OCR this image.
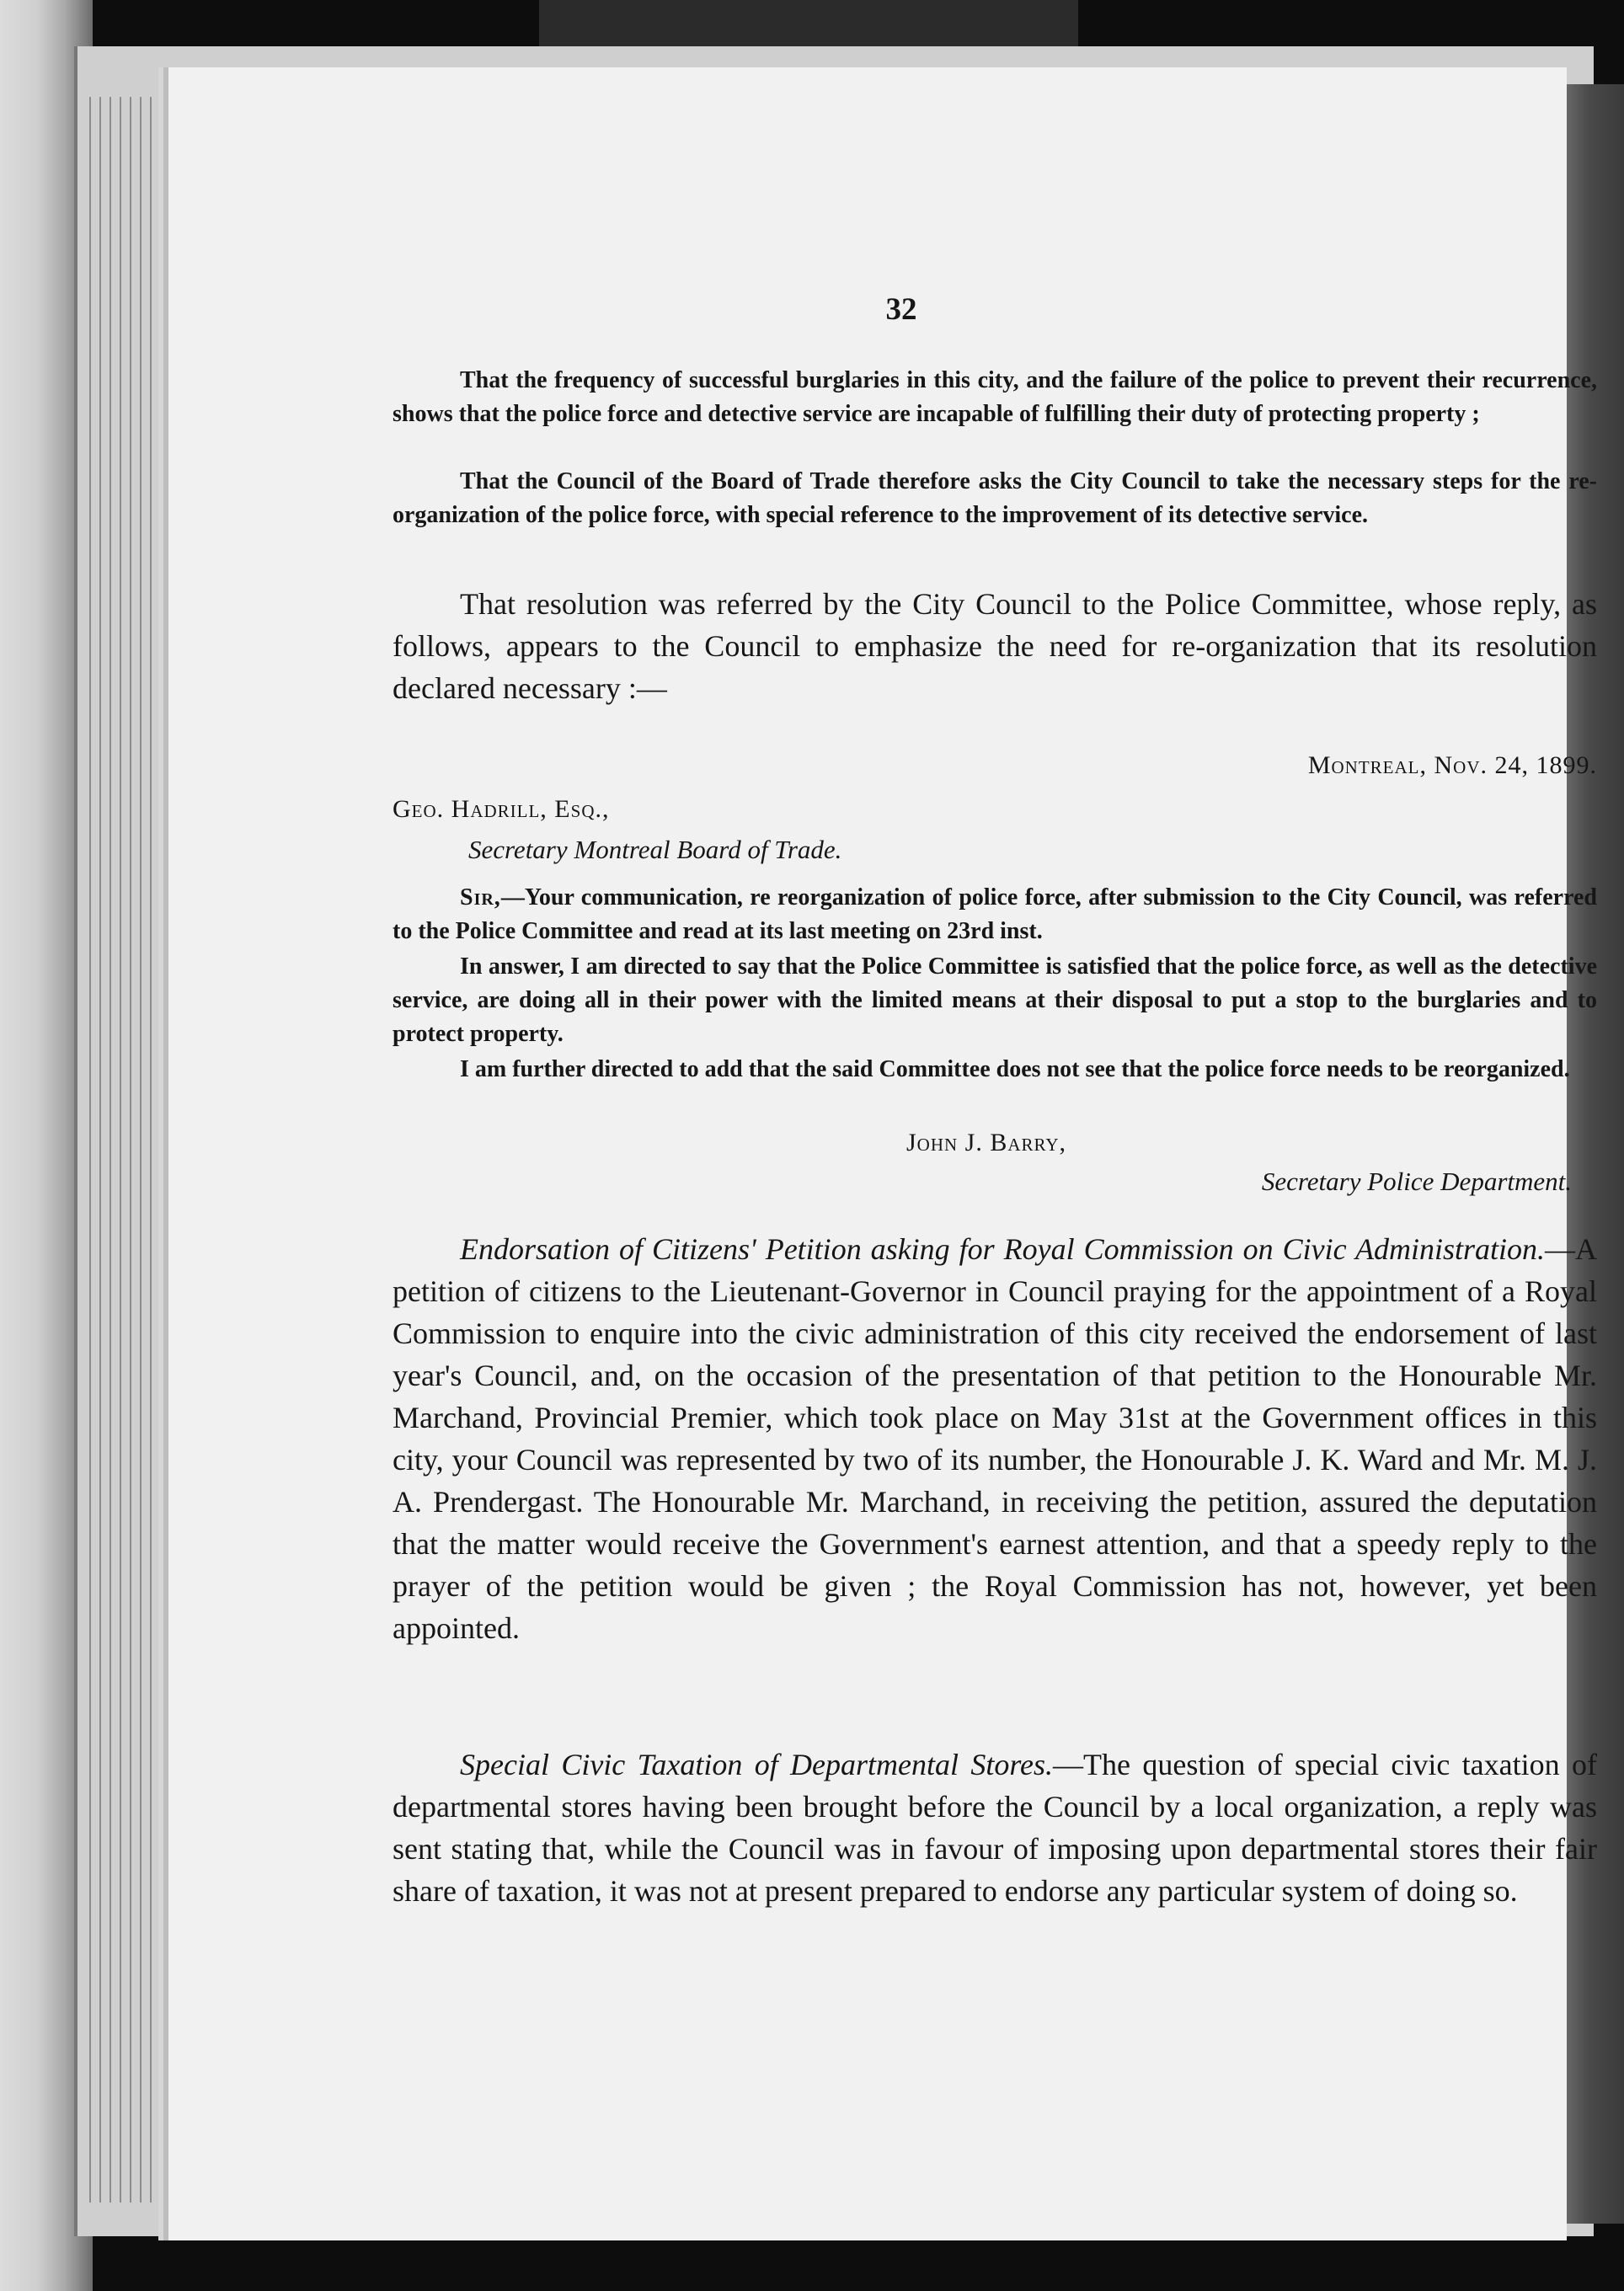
32
That the frequency of successful burglaries in this city, and the failure of the police to prevent their recurrence, shows that the police force and detective service are incapable of fulfilling their duty of protecting property ;
That the Council of the Board of Trade therefore asks the City Council to take the necessary steps for the re-organization of the police force, with special reference to the improvement of its detective service.
That resolution was referred by the City Council to the Police Committee, whose reply, as follows, appears to the Council to emphasize the need for re-organization that its resolution declared necessary :—
Montreal, Nov. 24, 1899.
Geo. Hadrill, Esq.,
Secretary Montreal Board of Trade.
Sir,—Your communication, re reorganization of police force, after submission to the City Council, was referred to the Police Committee and read at its last meeting on 23rd inst.
In answer, I am directed to say that the Police Committee is satisfied that the police force, as well as the detective service, are doing all in their power with the limited means at their disposal to put a stop to the burglaries and to protect property.
I am further directed to add that the said Committee does not see that the police force needs to be reorganized.
John J. Barry,
Secretary Police Department.
Endorsation of Citizens' Petition asking for Royal Commission on Civic Administration.—A petition of citizens to the Lieutenant-Governor in Council praying for the appointment of a Royal Commission to enquire into the civic administration of this city received the endorsement of last year's Council, and, on the occasion of the presentation of that petition to the Honourable Mr. Marchand, Provincial Premier, which took place on May 31st at the Government offices in this city, your Council was represented by two of its number, the Honourable J. K. Ward and Mr. M. J. A. Prendergast. The Honourable Mr. Marchand, in receiving the petition, assured the deputation that the matter would receive the Government's earnest attention, and that a speedy reply to the prayer of the petition would be given ; the Royal Commission has not, however, yet been appointed.
Special Civic Taxation of Departmental Stores.—The question of special civic taxation of departmental stores having been brought before the Council by a local organization, a reply was sent stating that, while the Council was in favour of imposing upon departmental stores their fair share of taxation, it was not at present prepared to endorse any particular system of doing so.
